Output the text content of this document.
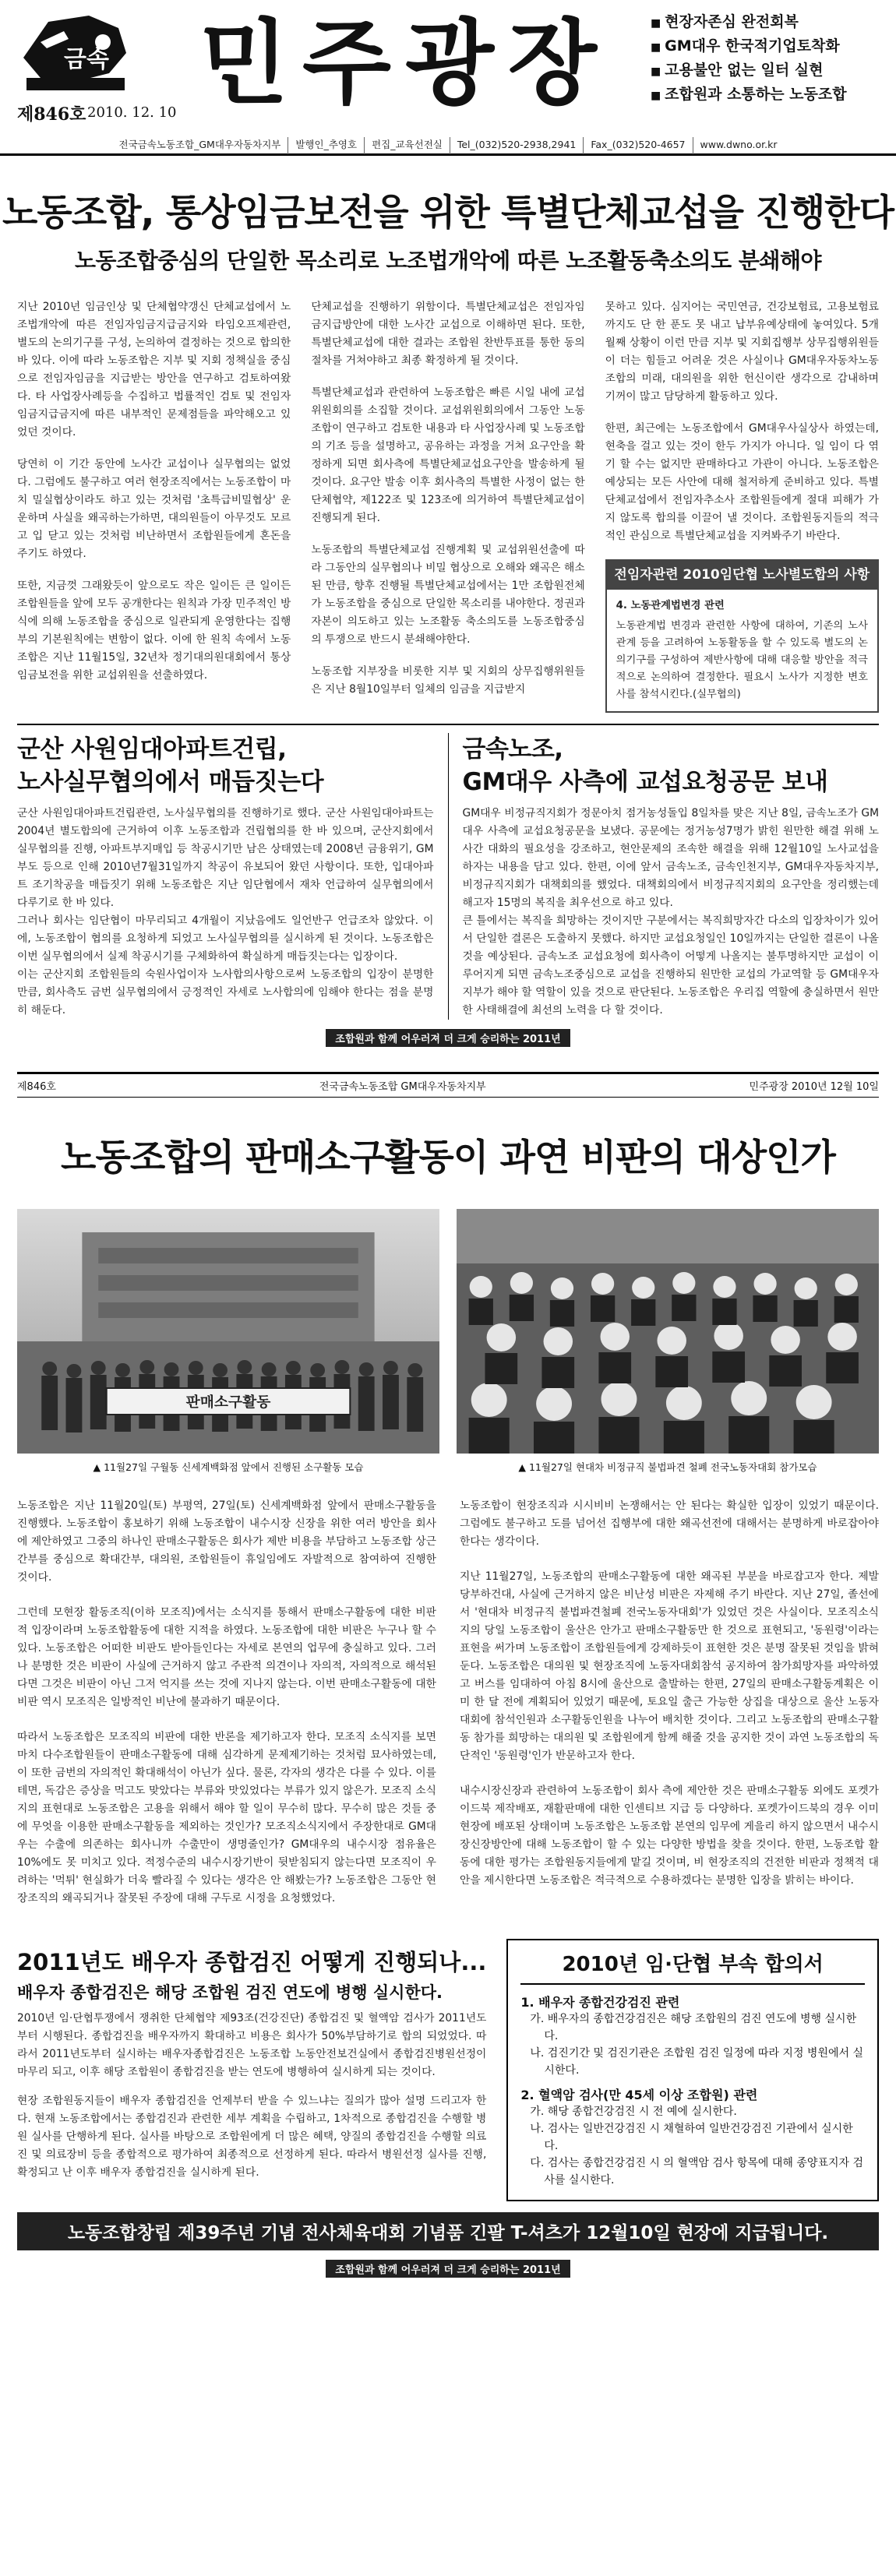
금속
제846호 2010. 12. 10 민주광장
■	현장자존심 완전회복
■ GM대우 한국적기업토착화
■ 고용불안 없는 일터 실현
■ 조합원과 소통하는 노동조합
전국금속노동조합_GM대우자동차지부	발행인_추영호	편집_교육선전실	Tel_(032)520-2938,2941	Fax_(032)520-4657	www.dwno.or.kr
노동조합, 통상임금보전을 위한 특별단체교섭을 진행한다
노동조합중심의 단일한 목소리로 노조법개악에 따른 노조활동축소의도 분쇄해야

지난 2010년 임금인상 및 단체협약갱신 단체교섭에서 노조법개악에 따른 전임자임금지급금지와 타임오프제관련, 별도의 논의기구를 구성, 논의하여 결정하는 것으로 합의한바 있다. 이에 따라 노동조합은 지부 및 지회 정책실을 중심으로 전임자임금을 지급받는 방안을 연구하고 검토하여왔다. 타 사업장사례등을 수집하고 법률적인 검토 및 전임자임금지급금지에 따른 내부적인 문제점들을 파악해오고 있었던 것이다.

당연히 이 기간 동안에 노사간 교섭이나 실무협의는 없었다. 그럼에도 불구하고 여러 현장조직에서는 노동조합이 마치 밀실협상이라도 하고 있는 것처럼 '초특급비밀협상' 운운하며 사실을 왜곡하는가하면, 대의원들이 아무것도 모르고 입 닫고 있는 것처럼 비난하면서 조합원들에게 혼돈을 주기도 하였다.

또한, 지금껏 그래왔듯이 앞으로도 작은 일이든 큰 일이든 조합원들을 앞에 모두 공개한다는 원칙과 가장 민주적인 방식에 의해 노동조합을 중심으로 일관되게 운영한다는 집행부의 기본원칙에는 변함이 없다. 이에 한 원칙 속에서 노동조합은 지난 11월15일, 32년차 정기대의원대회에서 통상임금보전을 위한 교섭위원을 선출하였다.

단체교섭을 진행하기 위함이다. 특별단체교섭은 전임자임금지급방안에 대한 노사간 교섭으로 이해하면 된다. 또한, 특별단체교섭에 대한 결과는 조합원 찬반투표를 통한 동의절차를 거쳐야하고 최종 확정하게 될 것이다.

특별단체교섭과 관련하여 노동조합은 빠른 시일 내에 교섭위원회의를 소집할 것이다. 교섭위원회의에서 그동안 노동조합이 연구하고 검토한 내용과 타 사업장사례 및 노동조합의 기조 등을 설명하고, 공유하는 과정을 거쳐 요구안을 확정하게 되면 회사측에 특별단체교섭요구안을 발송하게 될 것이다. 요구안 발송 이후 회사측의 특별한 사정이 없는 한 단체협약, 제122조 및 123조에 의거하여 특별단체교섭이 진행되게 된다.

노동조합의 특별단체교섭 진행계획 및 교섭위원선출에 따라 그동안의 실무협의나 비밀 협상으로 오해와 왜곡은 해소된 만큼, 향후 진행될 특별단체교섭에서는 1만 조합원전체가 노동조합을 중심으로 단일한 목소리를 내야한다. 정권과 자본이 의도하고 있는 노조활동 축소의도를 노동조합중심의 투쟁으로 반드시 분쇄해야한다.

노동조합 지부장을 비롯한 지부 및 지회의 상무집행위원들은 지난 8월10일부터 일체의 임금을 지급받지

못하고 있다. 심지어는 국민연금, 건강보험료, 고용보험료까지도 단 한 푼도 못 내고 납부유예상태에 놓여있다. 5개월째 상황이 이런 만큼 지부 및 지회집행부 상무집행위원들이 더는 힘들고 어려운 것은 사실이나 GM대우자동차노동조합의 미래, 대의원을 위한 헌신이란 생각으로 감내하며 기꺼이 많고 담당하게 활동하고 있다.

한편, 최근에는 노동조합에서 GM대우사실상사 하였는데, 현축을 걸고 있는 것이 한두 가지가 아니다. 일 임이 다 엮기 할 수는 없지만 판매하다고 가관이 아니다. 노동조합은 예상되는 모든 사안에 대해 철저하게 준비하고 있다. 특별단체교섭에서 전임자추소사 조합원들에게 절대 피해가 가지 않도록 합의를 이끌어 낼 것이다. 조합원동지들의 적극적인 관심으로 특별단체교섭을 지켜봐주기 바란다.

전임자관련 2010임단협 노사별도합의 사항
4. 노동관계법변경 관련
노동관계법 변경과 관련한 사항에 대하여, 기존의 노사관계 등을 고려하여 노동활동을 할 수 있도록 별도의 논의기구를 구성하여 제반사항에 대해 대응할 방안을 적극적으로 논의하여 결정한다. 필요시 노사가 지정한 변호사를 참석시킨다.(실무협의)
군산 사원임대아파트건립,
노사실무협의에서 매듭짓는다

군산 사원임대아파트건립관련, 노사실무협의를 진행하기로 했다. 군산 사원임대아파트는 2004년 별도합의에 근거하여 이후 노동조합과 건립협의를 한 바 있으며, 군산지회에서 실무협의를 진행, 아파트부지매입 등 착공시기만 남은 상태였는데 2008년 금융위기, GM부도 등으로 인해 2010년7월31일까지 착공이 유보되어 왔던 사항이다. 또한, 입대아파트 조기착공을 매듭짓기 위해 노동조합은 지난 임단협에서 재차 언급하여 실무협의에서 다루기로 한 바 있다.

그러나 회사는 임단협이 마무리되고 4개월이 지났음에도 일언반구 언급조차 않았다. 이에, 노동조합이 협의를 요청하게 되었고 노사실무협의를 실시하게 된 것이다. 노동조합은 이번 실무협의에서 실제 착공시기를 구체화하여 확실하게 매듭짓는다는 입장이다.

이는 군산지회 조합원들의 숙원사업이자 노사합의사항으로써 노동조합의 입장이 분명한 만큼, 회사측도 금번 실무협의에서 긍정적인 자세로 노사합의에 임해야 한다는 점을 분명히 해둔다.

금속노조,
GM대우 사측에 교섭요청공문 보내

GM대우 비정규직지회가 정문아치 점거농성돌입 8일차를 맞은 지난 8일, 금속노조가 GM대우 사측에 교섭요청공문을 보냈다. 공문에는 정거농성7명가 밝힌 원만한 해결 위해 노사간 대화의 필요성을 강조하고, 현안문제의 조속한 해결을 위해 12월10일 노사교섭을 하자는 내용을 담고 있다. 한편, 이에 앞서 금속노조, 금속인천지부, GM대우자동차지부, 비정규직지회가 대책회의를 했었다. 대책회의에서 비정규직지회의 요구안을 정리했는데 해고자 15명의 복직을 최우선으로 하고 있다.

큰 틀에서는 복직을 희망하는 것이지만 구분에서는 복직희망자간 다소의 입장차이가 있어서 단일한 결론은 도출하지 못했다. 하지만 교섭요청일인 10일까지는 단일한 결론이 나올 것을 예상된다. 금속노조 교섭요청에 회사측이 어떻게 나올지는 불투명하지만 교섭이 이루어지게 되면 금속노조중심으로 교섭을 진행하되 원만한 교섭의 가교역할 등 GM대우자지부가 해야 할 역할이 있을 것으로 판단된다. 노동조합은 우리집 역할에 충실하면서 원만한 사태해결에 최선의 노력을 다 할 것이다.

조합원과 함께 어우러져 더 크게 승리하는 2011년
제846호	전국금속노동조합 GM대우자동차지부	민주광장 2010년 12월 10일
노동조합의 판매소구활동이 과연 비판의 대상인가
판매소구활동
▲ 11월27일 구월동 신세계백화점 앞에서 진행된 소구활동 모습	▲ 11월27일 현대차 비정규직 불법파견 철폐 전국노동자대회 참가모습

노동조합은 지난 11월20일(토) 부평역, 27일(토) 신세계백화점 앞에서 판매소구활동을 진행했다. 노동조합이 홍보하기 위해 노동조합이 내수시장 신장을 위한 여러 방안을 회사에 제안하였고 그중의 하나인 판매소구활동은 회사가 제반 비용을 부담하고 노동조합 상근간부를 중심으로 확대간부, 대의원, 조합원들이 휴일임에도 자발적으로 참여하여 진행한 것이다.

그런데 모현장 활동조직(이하 모조직)에서는 소식지를 통해서 판매소구활동에 대한 비판적 입장이라며 노동조합활동에 대한 지적을 하였다. 노동조합에 대한 비판은 누구나 할 수 있다. 노동조합은 어떠한 비판도 받아들인다는 자세로 본연의 업무에 충실하고 있다. 그러나 분명한 것은 비판이 사실에 근거하지 않고 주관적 의견이나 자의적, 자의적으로 해석된다면 그것은 비판이 아닌 그저 억지를 쓰는 것에 지나지 않는다. 이번 판매소구활동에 대한 비판 역시 모조직은 일방적인 비난에 불과하기 때문이다.

따라서 노동조합은 모조직의 비판에 대한 반론을 제기하고자 한다. 모조직 소식지를 보면 마치 다수조합원들이 판매소구활동에 대해 심각하게 문제제기하는 것처럼 묘사하였는데, 이 또한 금번의 자의적인 확대해석이 아닌가 싶다. 물론, 각자의 생각은 다를 수 있다. 이를테면, 독감은 증상을 먹고도 맞았다는 부류와 맛있었다는 부류가 있지 않은가. 모조직 소식지의 표현대로 노동조합은 고용을 위해서 해야 할 일이 무수히 많다. 무수히 많은 것들 중에 무엇을 이용한 판매소구활동을 제외하는 것인가? 모조직소식지에서 주장한대로 GM대우는 수출에 의존하는 회사니까 수출만이 생명줄인가? GM대우의 내수시장 점유율은 10%에도 못 미치고 있다. 적정수준의 내수시장기반이 뒷받침되지 않는다면 모조직이 우려하는 '먹튀' 현실화가 더욱 빨라질 수 있다는 생각은 안 해봤는가? 노동조합은 그동안 현장조직의 왜곡되거나 잘못된 주장에 대해 구두로 시정을 요청했었다.

노동조합이 현장조직과 시시비비 논쟁해서는 안 된다는 확실한 입장이 있었기 때문이다. 그럼에도 불구하고 도를 넘어선 집행부에 대한 왜곡선전에 대해서는 분명하게 바로잡아야 한다는 생각이다.

지난 11월27일, 노동조합의 판매소구활동에 대한 왜곡된 부분을 바로잡고자 한다. 제발 당부하건대, 사실에 근거하지 않은 비난성 비판은 자제해 주기 바란다. 지난 27일, 졸선에서 '현대차 비정규직 불법파견철폐 전국노동자대회'가 있었던 것은 사실이다. 모조직소식지의 당일 노동조합이 울산은 안가고 판매소구활동만 한 것으로 표현되고, '동원령'이라는 표현을 써가며 노동조합이 조합원들에게 강제하듯이 표현한 것은 분명 잘못된 것임을 밝혀둔다. 노동조합은 대의원 및 현장조직에 노동자대회참석 공지하여 참가희망자를 파악하였고 버스를 임대하여 아침 8시에 울산으로 출발하는 한편, 27일의 판매소구활동계획은 이미 한 달 전에 계획되어 있었기 때문에, 토요일 출근 가능한 상집을 대상으로 울산 노동자대회에 참석인원과 소구활동인원을 나누어 배치한 것이다. 그리고 노동조합의 판매소구활동 참가를 희망하는 대의원 및 조합원에게 함께 해줄 것을 공지한 것이 과연 노동조합의 독단적인 '동원령'인가 반문하고자 한다.

내수시장신장과 관련하여 노동조합이 회사 측에 제안한 것은 판매소구활동 외에도 포켓가이드북 제작배포, 재활판매에 대한 인센티브 지급 등 다양하다. 포켓가이드북의 경우 이미 현장에 배포된 상태이며 노동조합은 노동조합 본연의 임무에 게을리 하지 않으면서 내수시장신장방안에 대해 노동조합이 할 수 있는 다양한 방법을 찾을 것이다. 한편, 노동조합 활동에 대한 평가는 조합원동지들에게 맡길 것이며, 비 현장조직의 건전한 비판과 정책적 대안을 제시한다면 노동조합은 적극적으로 수용하겠다는 분명한 입장을 밝히는 바이다.

2011년도 배우자 종합검진 어떻게 진행되나...
배우자 종합검진은 해당 조합원 검진 연도에 병행 실시한다.

2010년 임·단협투쟁에서 쟁취한 단체협약 제93조(건강진단) 종합검진 및 혈액암 검사가 2011년도부터 시행된다. 종합검진을 배우자까지 확대하고 비용은 회사가 50%부담하기로 합의 되었었다. 따라서 2011년도부터 실시하는 배우자종합검진은 노동조합 노동안전보건실에서 종합검진병원선정이 마무리 되고, 이후 해당 조합원이 종합검진을 받는 연도에 병행하여 실시하게 되는 것이다.

현장 조합원동지들이 배우자 종합검진을 언제부터 받을 수 있느냐는 질의가 많아 설명 드리고자 한다. 현재 노동조합에서는 종합검진과 관련한 세부 계획을 수립하고, 1차적으로 종합검진을 수행할 병원 실사를 단행하게 된다. 실사를 바탕으로 조합원에게 더 많은 혜택, 양질의 종합검진을 수행할 의료진 및 의료장비 등을 종합적으로 평가하여 최종적으로 선정하게 된다. 따라서 병원선정 실사를 진행, 확정되고 난 이후 배우자 종합검진을 실시하게 된다.

2010년 임·단협 부속 합의서
1. 배우자 종합건강검진 관련
가. 배우자의 종합건강검진은 해당 조합원의 검진 연도에 병행 실시한다.
나. 검진기간 및 검진기관은 조합원 검진 일정에 따라 지정 병원에서 실시한다.
2. 혈액암 검사(만 45세 이상 조합원) 관련
가. 해당 종합건강검진 시 전 예에 실시한다.
나. 검사는 일반건강검진 시 채혈하여 일반건강검진 기관에서 실시한다.
다. 검사는 종합건강검진 시 의 혈액암 검사 항목에 대해 종양표지자 검사를 실시한다.
노동조합창립 제39주년 기념 전사체육대회 기념품 긴팔 T-셔츠가 12월10일 현장에 지급됩니다.
조합원과 함께 어우러져 더 크게 승리하는 2011년
